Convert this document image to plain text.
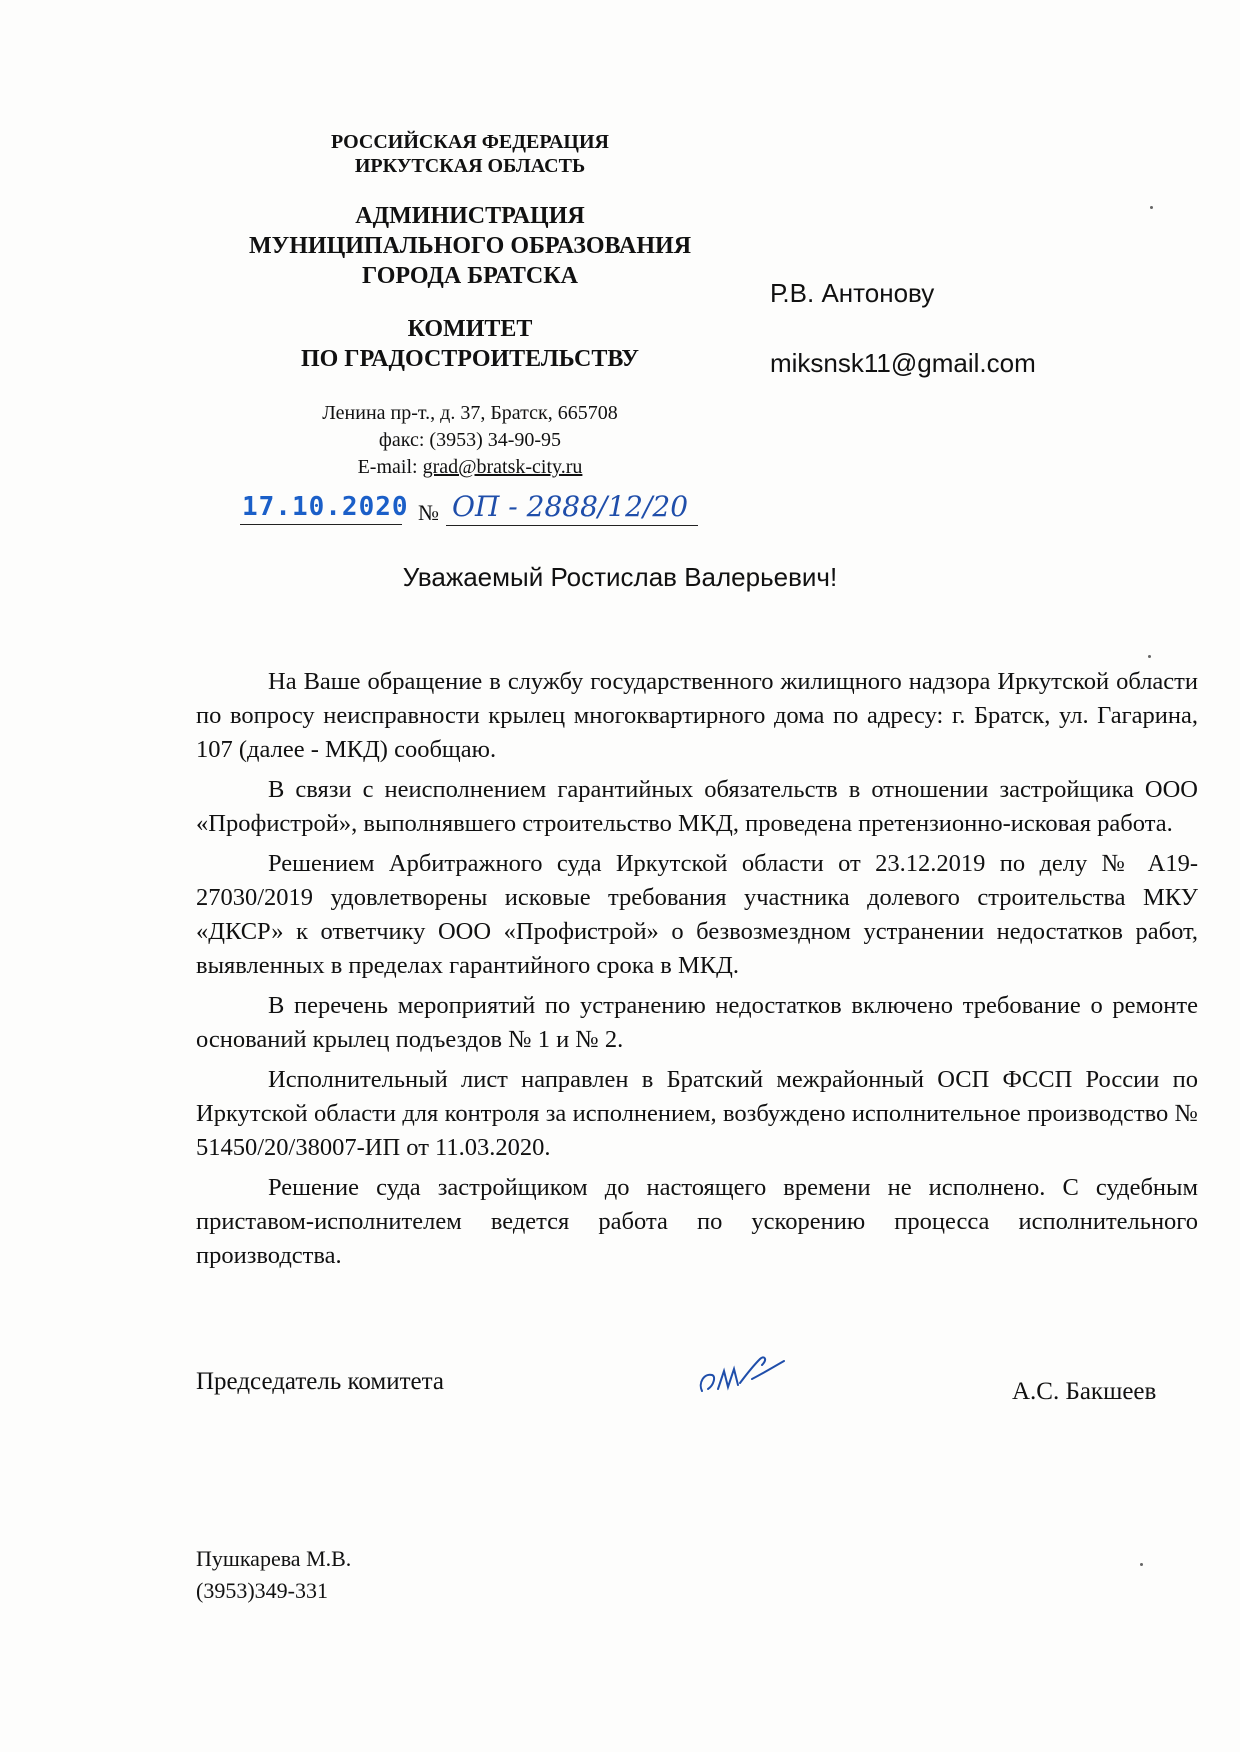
РОССИЙСКАЯ ФЕДЕРАЦИЯ
ИРКУТСКАЯ ОБЛАСТЬ
АДМИНИСТРАЦИЯ
МУНИЦИПАЛЬНОГО ОБРАЗОВАНИЯ
ГОРОДА БРАТСКА
КОМИТЕТ
ПО ГРАДОСТРОИТЕЛЬСТВУ
Ленина пр-т., д. 37, Братск, 665708
факс: (3953) 34-90-95
E-mail: grad@bratsk-city.ru
Р.В. Антонову
miksnsk11@gmail.com
17.10.2020 № ОП - 2888/12/20
Уважаемый Ростислав Валерьевич!

На Ваше обращение в службу государственного жилищного надзора Иркутской области по вопросу неисправности крылец многоквартирного дома по адресу: г. Братск, ул. Гагарина, 107 (далее - МКД) сообщаю.

В связи с неисполнением гарантийных обязательств в отношении застройщика ООО «Профистрой», выполнявшего строительство МКД, проведена претензионно-исковая работа.

Решением Арбитражного суда Иркутской области от 23.12.2019 по делу № А19-27030/2019 удовлетворены исковые требования участника долевого строительства МКУ «ДКСР» к ответчику ООО «Профистрой» о безвозмездном устранении недостатков работ, выявленных в пределах гарантийного срока в МКД.

В перечень мероприятий по устранению недостатков включено требование о ремонте оснований крылец подъездов № 1 и № 2.

Исполнительный лист направлен в Братский межрайонный ОСП ФССП России по Иркутской области для контроля за исполнением, возбуждено исполнительное производство № 51450/20/38007-ИП от 11.03.2020.

Решение суда застройщиком до настоящего времени не исполнено. С судебным приставом-исполнителем ведется работа по ускорению процесса исполнительного производства.

Председатель комитета	А.С. Бакшеев
Пушкарева М.В.
(3953)349-331
